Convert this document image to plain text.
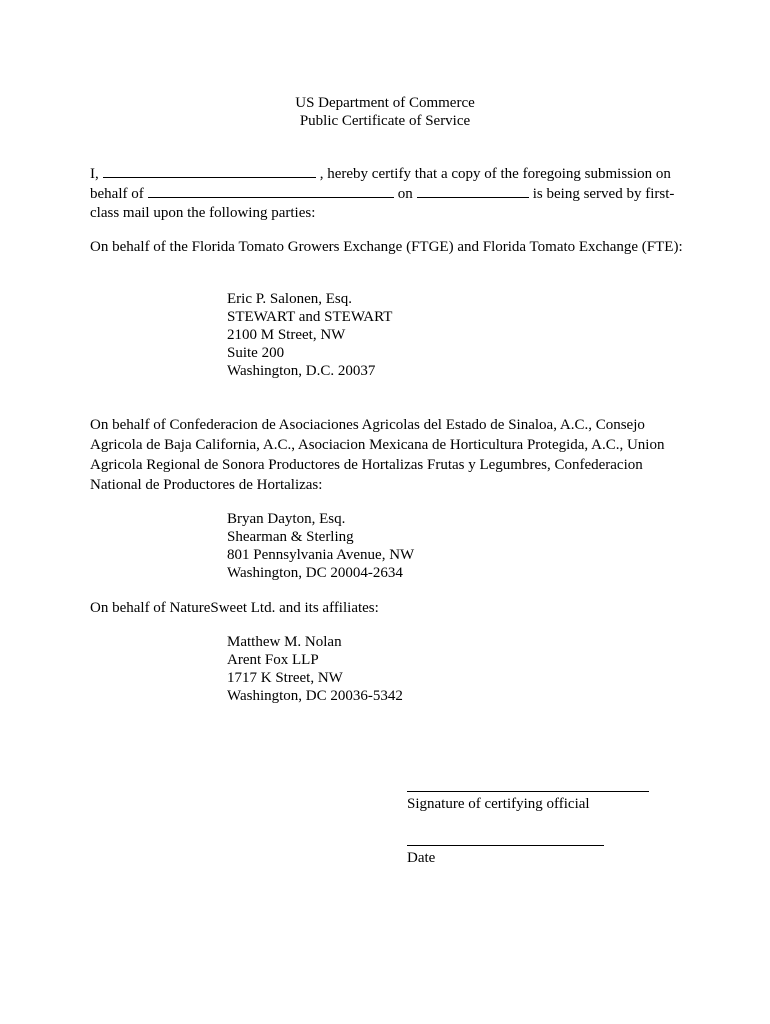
US Department of Commerce
Public Certificate of Service
I,	, hereby certify that a copy of the foregoing submission on
behalf of	on	is being served by first-
class mail upon the following parties:
On behalf of the Florida Tomato Growers Exchange (FTGE) and Florida Tomato Exchange (FTE):
Eric P. Salonen, Esq.
STEWART and STEWART
2100 M Street, NW
Suite 200
Washington, D.C. 20037
On behalf of Confederacion de Asociaciones Agricolas del Estado de Sinaloa, A.C., Consejo Agricola de Baja California, A.C., Asociacion Mexicana de Horticultura Protegida, A.C., Union Agricola Regional de Sonora Productores de Hortalizas Frutas y Legumbres, Confederacion National de Productores de Hortalizas:
Bryan Dayton, Esq.
Shearman & Sterling
801 Pennsylvania Avenue, NW
Washington, DC 20004-2634
On behalf of NatureSweet Ltd. and its affiliates:
Matthew M. Nolan
Arent Fox LLP
1717 K Street, NW
Washington, DC 20036-5342
Signature of certifying official
Date
